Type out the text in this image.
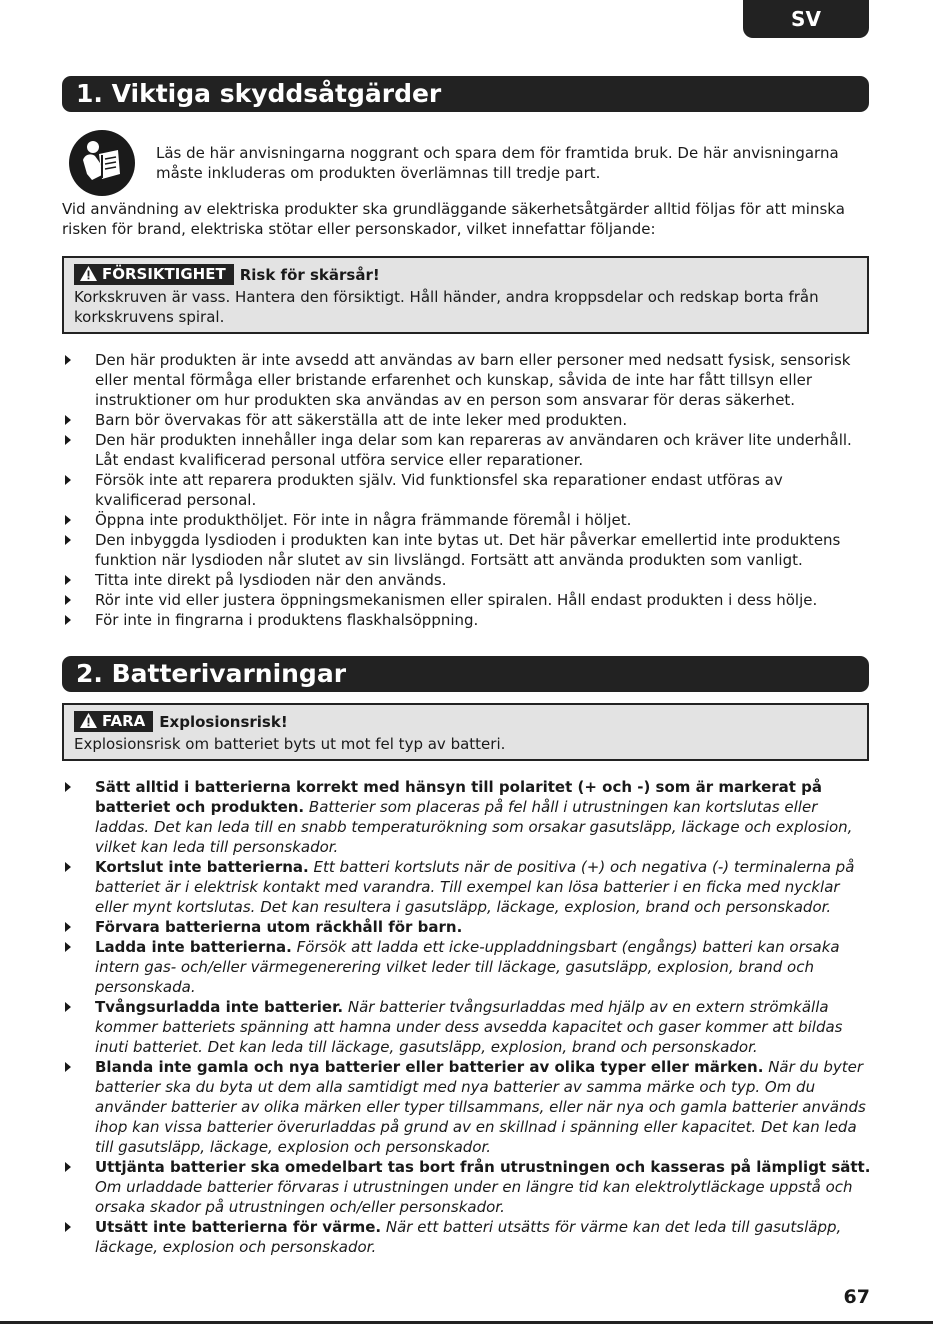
SV
1. Viktiga skyddsåtgärder
Läs de här anvisningarna noggrant och spara dem för framtida bruk. De här anvisningarna måste inkluderas om produkten överlämnas till tredje part.
Vid användning av elektriska produkter ska grundläggande säkerhetsåtgärder alltid följas för att minska risken för brand, elektriska stötar eller personskador, vilket innefattar följande:
FÖRSIKTIGHET Risk för skärsår!
Korkskruven är vass. Hantera den försiktigt. Håll händer, andra kroppsdelar och redskap borta från korkskruvens spiral.
Den här produkten är inte avsedd att användas av barn eller personer med nedsatt fysisk, sensorisk eller mental förmåga eller bristande erfarenhet och kunskap, såvida de inte har fått tillsyn eller instruktioner om hur produkten ska användas av en person som ansvarar för deras säkerhet.
Barn bör övervakas för att säkerställa att de inte leker med produkten.
Den här produkten innehåller inga delar som kan repareras av användaren och kräver lite underhåll. Låt endast kvalificerad personal utföra service eller reparationer.
Försök inte att reparera produkten själv. Vid funktionsfel ska reparationer endast utföras av kvalificerad personal.
Öppna inte produkthöljet. För inte in några främmande föremål i höljet.
Den inbyggda lysdioden i produkten kan inte bytas ut. Det här påverkar emellertid inte produktens funktion när lysdioden når slutet av sin livslängd. Fortsätt att använda produkten som vanligt.
Titta inte direkt på lysdioden när den används.
Rör inte vid eller justera öppningsmekanismen eller spiralen. Håll endast produkten i dess hölje.
För inte in fingrarna i produktens flaskhalsöppning.
2. Batterivarningar
FARA Explosionsrisk!
Explosionsrisk om batteriet byts ut mot fel typ av batteri.
Sätt alltid i batterierna korrekt med hänsyn till polaritet (+ och -) som är markerat på batteriet och produkten. Batterier som placeras på fel håll i utrustningen kan kortslutas eller laddas. Det kan leda till en snabb temperaturökning som orsakar gasutsläpp, läckage och explosion, vilket kan leda till personskador.
Kortslut inte batterierna. Ett batteri kortsluts när de positiva (+) och negativa (-) terminalerna på batteriet är i elektrisk kontakt med varandra. Till exempel kan lösa batterier i en ficka med nycklar eller mynt kortslutas. Det kan resultera i gasutsläpp, läckage, explosion, brand och personskador.
Förvara batterierna utom räckhåll för barn.
Ladda inte batterierna. Försök att ladda ett icke-uppladdningsbart (engångs) batteri kan orsaka intern gas- och/eller värmegenerering vilket leder till läckage, gasutsläpp, explosion, brand och personskada.
Tvångsurladda inte batterier. När batterier tvångsurladdas med hjälp av en extern strömkälla kommer batteriets spänning att hamna under dess avsedda kapacitet och gaser kommer att bildas inuti batteriet. Det kan leda till läckage, gasutsläpp, explosion, brand och personskador.
Blanda inte gamla och nya batterier eller batterier av olika typer eller märken. När du byter batterier ska du byta ut dem alla samtidigt med nya batterier av samma märke och typ. Om du använder batterier av olika märken eller typer tillsammans, eller när nya och gamla batterier används ihop kan vissa batterier överurladdas på grund av en skillnad i spänning eller kapacitet. Det kan leda till gasutsläpp, läckage, explosion och personskador.
Uttjänta batterier ska omedelbart tas bort från utrustningen och kasseras på lämpligt sätt. Om urladdade batterier förvaras i utrustningen under en längre tid kan elektrolytläckage uppstå och orsaka skador på utrustningen och/eller personskador.
Utsätt inte batterierna för värme. När ett batteri utsätts för värme kan det leda till gasutsläpp, läckage, explosion och personskador.
67
